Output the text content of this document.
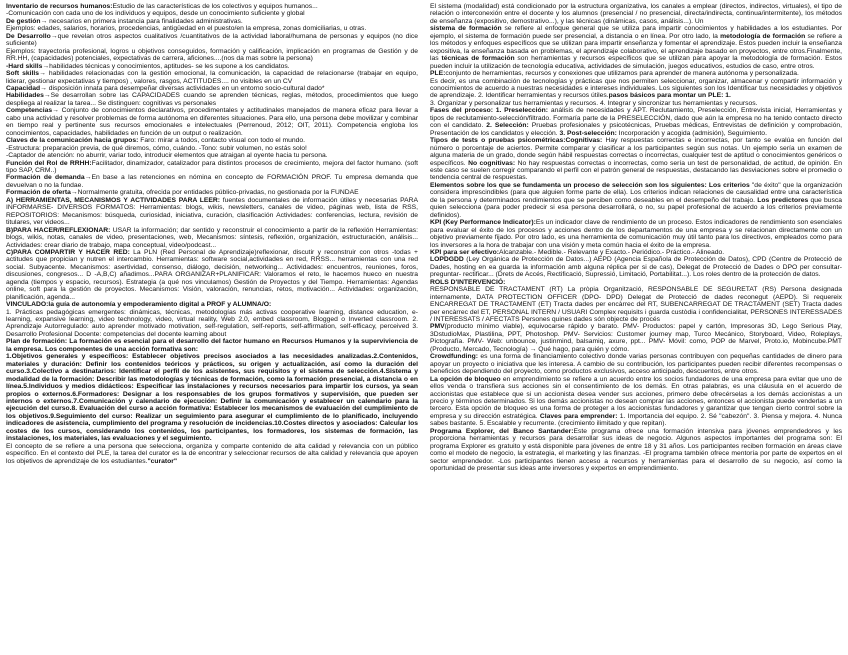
Inventario de recursos humanos:Estudio de las características de los colectivos y equipos humanos...

-Comunicación con cada uno de los individuos y equipos, desde un conocimiento suficiente y global

De gestión→ necesarios en primera instancia para finalidades administrativas.

Ejemplos: edades, salarios, horarios, procedencias, antigüedad en el puesto/en la empresa, zonas domiciliarias, u otras.

De Desarrollo→que revelan otros aspectos cualitativos /cuantitativos de la actividad laboral/humana de personas y equipos (no dice suficiente)

Ejemplos: trayectoria profesional, logros u objetivos conseguidos, formación y calificación, implicación en programas de Gestión y de RR.HH, (capacidades) potenciales, expectativas de carrera, aficiones....(nos da mas sobre la persona)

-Hard skills→habilidades técnicas y conocimientos, aptitudes- se les supone a los candidatos.

Soft skills→ habilidades relacionadas con la gestión emocional, la comunicación, la capacidad de relacionarse (trabajar en equipo, liderar, gestionar expectativas y tiempos) , valores, rasgos, ACTITUDES.... no visibles en un CV

Capacidad→ disposición innata para desempeñar diversas actividades en un entorno socio-cultural dado*

Habilidades→Se desarrollan sobre las CAPACIDADES cuando se aprenden técnicas, reglas, métodos, procedimientos que luego despliega al realizar la tarea... Se distinguen: cognitivas vs personales

Competencias→ Conjunto de conocimientos declarativos, procedimentales y actitudinales manejados de manera eficaz para llevar a cabo una actividad y resolver problemas de forma autónoma en diferentes situaciones. Para ello, una persona debe movilizar y combinar en tiempo real y pertinente sus recursos emocionales e intelectuales (Perrenoud, 2012; OIT, 2011). Competencia engloba los conocimientos, capacidades, habilidades en función de un output o realización.

Claves de la comunicación hacia grupos: Faro: mirar a todos, contacto visual con todo el mundo.

-Estructura: preparación previa, de qué diremos, cómo, cuándo. -Tono: subir volumen, no estás solo!

-Captador de atención: no aburrir, variar todo, introducir elementos que atraigan al oyente hacia tu persona.

Función del Rol de RRHH:Facilitador, dinamizador, catalizador para distintos procesos de crecimiento, mejora del factor humano. (soft tipo SAP, CRM..)

Formación de demanda→En base a las retenciones en nómina en concepto de FORMACIÓN PROF. Tu empresa demanda que devuelvan o no la fundae.

Formación de oferta→Normalmente gratuita, ofrecida por entidades público-privadas, no gestionada por la FUNDAE

A) HERRAMIENTAS, MECANISMOS Y ACTIVIDADES PARA LEER: fuentes documentales de información útiles y necesarias PARA INFORMARSE- DIVERSOS FORMATOS: Herramientas: blogs, wikis, newsletters, canales de video, páginas web, lista de RSS, REPOSITORIOS: Mecanismos: búsqueda, curiosidad, iniciativa, curación, clasificación Actividades: conferencias, lectura, revisión de titulares, ver videos...

B)PARA HACER/REFLEXIONAR: USAR la información; dar sentido y reconstruir el conocimiento a partir de la reflexión Herramientas: blogs, wikis, notas, canales de video, presentaciones, web, Mecanismos: síntesis, reflexión, organización, estructuración, análisis... Actividades: crear diario de trabajo, mapa conceptual, video/podcast...

C)PARA COMPARTIR Y HACER RED: La PLN (Red Personal de Aprendizaje)reflexionar, discutir y reconstruir con otros -todas + actitudes que propician y nutren el intercambio. Herramientas: software social,actividades en red, RRSS... herramientas con una red social. Subyacente. Mecanismos: asertividad, consenso, diálogo, decisión, networking... Actividades: encuentros, reuniones, foros, discusiones, congresos... D -A,B,C) añadimos...PARA ORGANIZAR+PLANIFICAR: Valoramos el reto, le hacemos hueco en nuestra agenda (tiempos y espacio, recursos). Estrategia (a qué nos vinculamos) Gestión de Proyectos y del Tiempo. Herramientas: Agendas online, soft para la gestión de proyectos. Mecanismos: Visión, valoración, renuncias, retos, motivación... Actividades: organización, planificación, agenda...

VINCULADO:la guía de autonomía y empoderamiento digital a PROF y ALUMNA/O:

1. Prácticas pedagógicas emergentes: dinámicas, técnicas, metodologías más activas cooperative learning, distance education, e-learning, expansive learning, video technology, video, virtual reality, Web 2.0, embed classroom, Blogged o Inverted classroom. 2. Aprendizaje Autorregulado: auto aprender motivado motivation, self-regulation, self-reports, self-affirmation, self-efficacy, perceived 3. Desarrollo Profesional Docente: competencias del docente learning about

Plan de formación: La formación es esencial para el desarrollo del factor humano en Recursos Humanos y la superviviencia de la empresa. Los componentes de una acción formativa son:

1.Objetivos generales y específicos: Establecer objetivos precisos asociados a las necesidades analizadas.2.Contenidos, materiales y duración: Definir los contenidos teóricos y prácticos, su origen y actualización, así como la duración del curso.3.Colectivo a destinatarios: Identificar el perfil de los asistentes, sus requisitos y el sistema de selección.4.Sistema y modalidad de la formación: Describir las metodologías y técnicas de formación, como la formación presencial, a distancia o en línea.5.Individuos y medios didácticos: Especificar las instalaciones y recursos necesarios para impartir los cursos, ya sean propios o externos.6.Formadores: Designar a los responsables de los grupos formativos y supervisión, que pueden ser internos o externos.7.Comunicación y calendario de ejecución: Definir la comunicación y establecer un calendario para la ejecución del curso.8. Evaluación del curso a acción formativa: Establecer los mecanismos de evaluación del cumplimiento de los objetivos.9.Seguimiento del curso: Realizar un seguimiento para asegurar el cumplimiento de lo planificado, incluyendo indicadores de asistencia, cumplimiento del programa y resolución de incidencias.10.Costes directos y asociados: Calcular los costes de los cursos, considerando los contenidos, los participantes, los formadores, los sistemas de formación, las instalaciones, los materiales, las evaluaciones y el seguimiento.

El concepto de se refiere a una persona que selecciona, organiza y comparte contenido de alta calidad y relevancia con un público específico. En el contexto del PLE, la tarea del curator es la de encontrar y seleccionar recursos de alta calidad y relevancia que apoyen los objetivos de aprendizaje de los estudiantes."curator"

El sistema (modalidad) está condicionado por la estructura organizativa, los canales a emplear (directos, indirectos, virtuales), el tipo de relación o interconexión entre el docente y los alumnos (presencial / no presencial, directa/indirecta, continua/intermitente), los métodos de enseñanza (expositivo, demostrativo...), y las técnicas (dinámicas, casos, análisis...). Un

sistema de formación se refiere al enfoque general que se utiliza para impartir conocimientos y habilidades a los estudiantes. Por ejemplo, el sistema de formación puede ser presencial, a distancia o en línea. Por otro lado, la metodología de formación se refiere a los métodos y enfoques específicos que se utilizan para impartir enseñanza y fomentar el aprendizaje. Estos pueden incluir la enseñanza expositiva, la enseñanza basada en problemas, el aprendizaje colaborativo, el aprendizaje basado en proyectos, entre otros.Finalmente, las técnicas de formación son herramientas y recursos específicos que se utilizan para apoyar la metodología de formación. Estos pueden incluir la utilización de tecnología educativa, actividades de simulación, juegos educativos, estudios de caso, entre otros.

PLE:conjunto de herramientas, recursos y conexiones que utilizamos para aprender de manera autónoma y personalizada.

Es decir, es una combinación de tecnologías y prácticas que nos permiten seleccionar, organizar, almacenar y compartir información y conocimientos de acuerdo a nuestras necesidades e intereses individuales. Los siguientes son los Identificar tus necesidades y objetivos de aprendizaje. 2. Identificar herramientas y recursos útiles.pasos básicos para montar un PLE: 1.

3. Organizar y personalizar tus herramientas y recursos. 4. Integrar y sincronizar tus herramientas y recursos.

Fases del proceso: 1. Preselección: análisis de necesidades y APT. Reclutamiento, Preselección, Entrevista inicial, Herramientas y tipos de reclutamiento-selección/filtrado. Formaría parte de la PRESELECCIÓN, dado que aún la empresa no ha tenido contacto directo con el candidato. 2. Selección: Pruebas profesionales y psicotécnicas, Pruebas médicas, Entrevistas de definición y comprobación, Presentación de los candidatos y elección. 3. Post-selección: Incorporación y acogida (admisión), Seguimiento.

Tipos de tests o pruebas psicométricas:Cognitivas: Hay respuestas correctas e incorrectas, por tanto se evalúa en función del número o porcentaje de aciertos. Permite comparar y clasificar a los participantes según sus notas. Un ejemplo sería un examen de alguna materia de un grado, donde según hábil respuestas correctas o incorrectas, cualquier test de aptitud o conocimientos genéricos o específicos. No cognitivas: No hay respuestas correctas o incorrectas, como sería un test de personalidad, de actitud, de opinión. En este caso se suelen corregir comparando el perfil con el patrón general de respuestas, destacando las desviaciones sobre el promedio o tendencia central de respuestas.

Elementos sobre los que se fundamenta un proceso de selección son los siguientes: Los criterios "de éxito" que la organización considera imprescindibles (para que alguien forme parte de ella). Los criterios indican relaciones de causalidad entre una característica de la persona y determinados rendimientos que se perciben como deseables en el desempeño del trabajo. Los predictores que busca quien selecciona (para poder predecir si esa persona desarrollará, o no, su papel profesional de acuerdo a los criterios previamente definidos).

KPI (Key Performance Indicator):Es un indicador clave de rendimiento de un proceso. Estos indicadores de rendimiento son esenciales para evaluar el éxito de los procesos y acciones dentro de los departamentos de una empresa y se relacionan directamente con un objetivo previamente fijado. Por otro lado, es una herramienta de comunicación muy útil tanto para los directivos, empleados como para los inversores a la hora de trabajar con una visión y meta común hacia el éxito de la empresa.

KPI para ser efectivo:Alcanzable.- Medible.- Relevante y Exacto.- Periódico.- Práctico.- Alineado.

LOPDGDD (Ley Orgánica de Protección de Datos...) AEPD (Agencia Española de Protección de Datos), CPD (Centre de Protecció de Dades, hosting en ea guarda la información amb alguna réplica per si de cas), Delegat de Protecció de Dades o DPO per consultar- preguntar- rectificar... (Drets de Accés, Rectificació, Supressió, Limitació, Portabilitat...). Los roles dentro de la protección de datos.

ROLS D'INTERVENCIÓ:

RESPONSABLE DE TRACTAMENT (RT) La pròpia Organització, RESPONSABLE DE SEGURETAT (RS) Persona designada internamente, DATA PROTECTION OFFICER (DPO- DPD) Delegat de Protecció de dades reconegut (AEPD). Si requereix ENCARREGAT DE TRACTAMENT (ET) Tracta dades per encàrrec del RT, SUBENCARREGAT DE TRACTAMENT (SET) Tracta dades per encàrrec del ET, PERSONAL INTERN / USUARI Complex requisits i guarda custòdia i confidencialitat, PERSONES INTERESSADES / INTERESSATS / AFECTATS Persones quines dades són objecte de procés

PMV(producto mínimo viable), equivocarse rápido y barato. PMV- Productos: papel y cartón, Impresoras 3D, Lego Serious Play, 3DstudioMax, Plastilina, PPT, Photoshop. PMV- Servicios: Customer journey map, Turco Mecánico, Storyboard, Video, Roleplays, Pictografía. PMV- Web: unbounce, justinmind, balsamiq, axure, ppt... PMV- Móvil: como, POP de Marvel, Proto.io, Mobincube.PMT (Producto, Mercado, Tecnología) → Qué hago, para quién y cómo.

Crowdfunding: es una forma de financiamiento colectivo donde varias personas contribuyen con pequeñas cantidades de dinero para apoyar un proyecto o iniciativa que les interesa. A cambio de su contribución, los participantes pueden recibir diferentes recompensas o beneficios dependiendo del proyecto, como productos exclusivos, acceso anticipado, descuentos, entre otros.

La opción de bloqueo en emprendimiento se refiere a un acuerdo entre los socios fundadores de una empresa para evitar que uno de ellos venda o transfiera sus acciones sin el consentimiento de los demás. En otras palabras, es una cláusula en el acuerdo de accionistas que establece que si un accionista desea vender sus acciones, primero debe ofrecérselas a los demás accionistas a un precio y términos determinados. Si los demás accionistas no desean comprar las acciones, entonces el accionista puede venderlas a un tercero. Esta opción de bloqueo es una forma de proteger a los accionistas fundadores y garantizar que tengan cierto control sobre la empresa y su dirección estratégica. Claves para emprender: 1. Importancia del equipo. 2. Sé "cabezón". 3. Piensa y mejora. 4. Nunca sabes bastante. 5. Escalable y recurrente. (crecimiento ilimitado y que repitan).

Programa Explorer, del Banco Santander:Este programa ofrece una formación intensiva para jóvenes emprendedores y les proporciona herramientas y recursos para desarrollar sus ideas de negocio. Algunos aspectos importantes del programa son: El programa Explorer es gratuito y está disponible para jóvenes de entre 18 y 31 años. Los participantes reciben formación en áreas clave como el modelo de negocio, la estrategia, el marketing y las finanzas. -El programa también ofrece mentoría por parte de expertos en el sector emprendedor. -Los participantes tienen acceso a recursos y herramientas para el desarrollo de su negocio, así como la oportunidad de presentar sus ideas ante inversores y expertos en emprendimiento.
